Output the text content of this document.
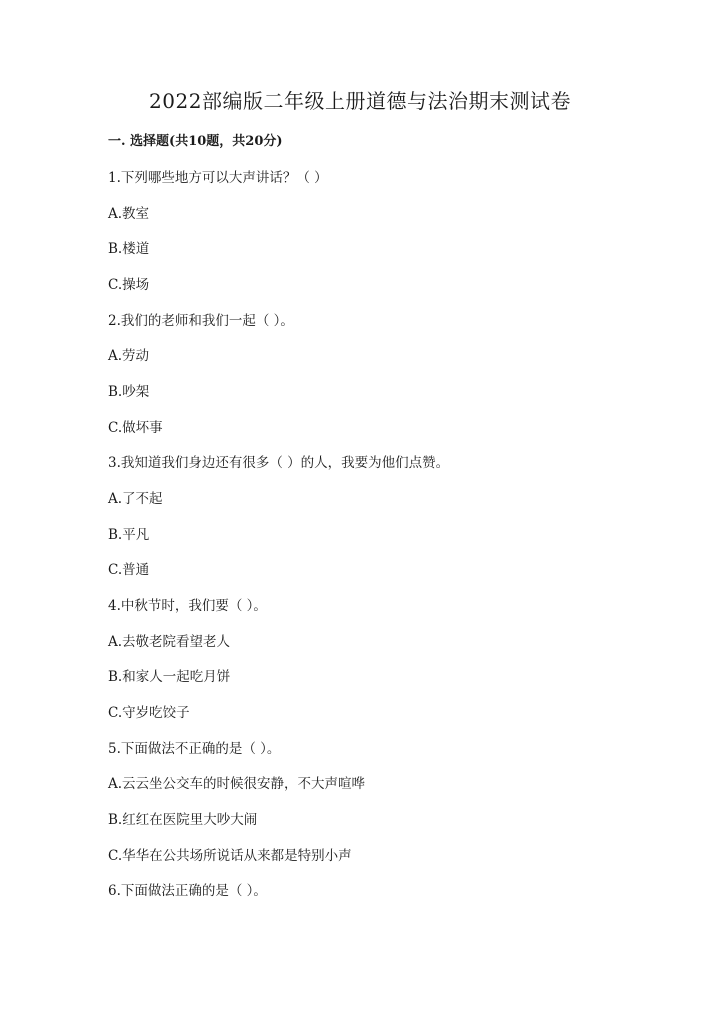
2022部编版二年级上册道德与法治期末测试卷
一. 选择题(共10题，共20分)
1.下列哪些地方可以大声讲话？（ ）
A.教室
B.楼道
C.操场
2.我们的老师和我们一起（ ）。
A.劳动
B.吵架
C.做坏事
3.我知道我们身边还有很多（ ）的人，我要为他们点赞。
A.了不起
B.平凡
C.普通
4.中秋节时，我们要（ ）。
A.去敬老院看望老人
B.和家人一起吃月饼
C.守岁吃饺子
5.下面做法不正确的是（ ）。
A.云云坐公交车的时候很安静，不大声喧哗
B.红红在医院里大吵大闹
C.华华在公共场所说话从来都是特别小声
6.下面做法正确的是（ ）。
